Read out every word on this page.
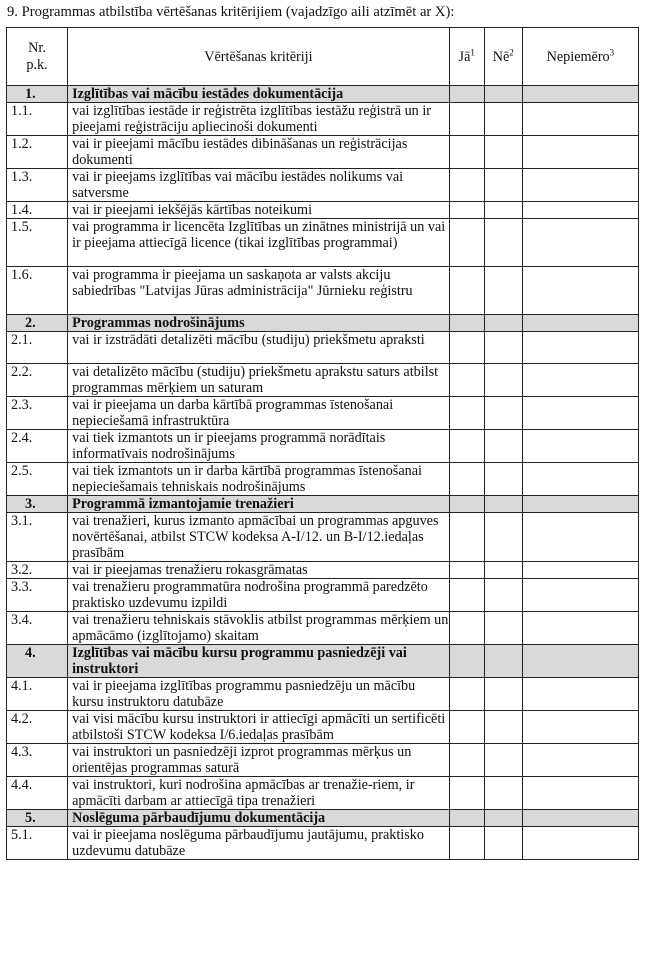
9. Programmas atbilstība vērtēšanas kritērijiem (vajadzīgo aili atzīmēt ar X):
Nr.
p.k.	Vērtēšanas kritēriji	$Jā^1$	$Nē^2$	Nepiemēro$^3$
1.	Izglītības vai mācību iestādes dokumentācija			
1.1.	vai izglītības iestāde ir reģistrēta izglītības iestāžu reģistrā un ir pieejami reģistrāciju apliecinoši dokumenti			
1.2.	vai ir pieejami mācību iestādes dibināšanas un reģistrācijas dokumenti			
1.3.	vai ir pieejams izglītības vai mācību iestādes nolikums vai satversme			
1.4.	vai ir pieejami iekšējās kārtības noteikumi			
1.5.	vai programma ir licencēta Izglītības un zinātnes ministrijā un vai ir pieejama attiecīgā licence (tikai izglītības programmai)			
1.6.	vai programma ir pieejama un saskaņota ar valsts akciju sabiedrības "Latvijas Jūras administrācija" Jūrnieku reģistru			
2.	Programmas nodrošinājums			
2.1.	vai ir izstrādāti detalizēti mācību (studiju) priekšmetu apraksti			
2.2.	vai detalizēto mācību (studiju) priekšmetu aprakstu saturs atbilst programmas mērķiem un saturam			
2.3.	vai ir pieejama un darba kārtībā programmas īstenošanai nepieciešamā infrastruktūra			
2.4.	vai tiek izmantots un ir pieejams programmā norādītais informatīvais nodrošinājums			
2.5.	vai tiek izmantots un ir darba kārtībā programmas īstenošanai nepieciešamais tehniskais nodrošinājums			
3.	Programmā izmantojamie trenažieri			
3.1.	vai trenažieri, kurus izmanto apmācībai un programmas apguves novērtēšanai, atbilst STCW kodeksa A-I/12. un B-I/12.iedaļas prasībām			
3.2.	vai ir pieejamas trenažieru rokasgrāmatas			
3.3.	vai trenažieru programmatūra nodrošina programmā paredzēto praktisko uzdevumu izpildi			
3.4.	vai trenažieru tehniskais stāvoklis atbilst programmas mērķiem un apmācāmo (izglītojamo) skaitam			
4.	Izglītības vai mācību kursu programmu pasniedzēji vai instruktori			
4.1.	vai ir pieejama izglītības programmu pasniedzēju un mācību kursu instruktoru datubāze			
4.2.	vai visi mācību kursu instruktori ir attiecīgi apmācīti un sertificēti atbilstoši STCW kodeksa I/6.iedaļas prasībām			
4.3.	vai instruktori un pasniedzēji izprot programmas mērķus un orientējas programmas saturā			
4.4.	vai instruktori, kuri nodrošina apmācības ar trenažie-riem, ir apmācīti darbam ar attiecīgā tipa trenažieri			
5.	Noslēguma pārbaudījumu dokumentācija			
5.1.	vai ir pieejama noslēguma pārbaudījumu jautājumu, praktisko uzdevumu datubāze			
